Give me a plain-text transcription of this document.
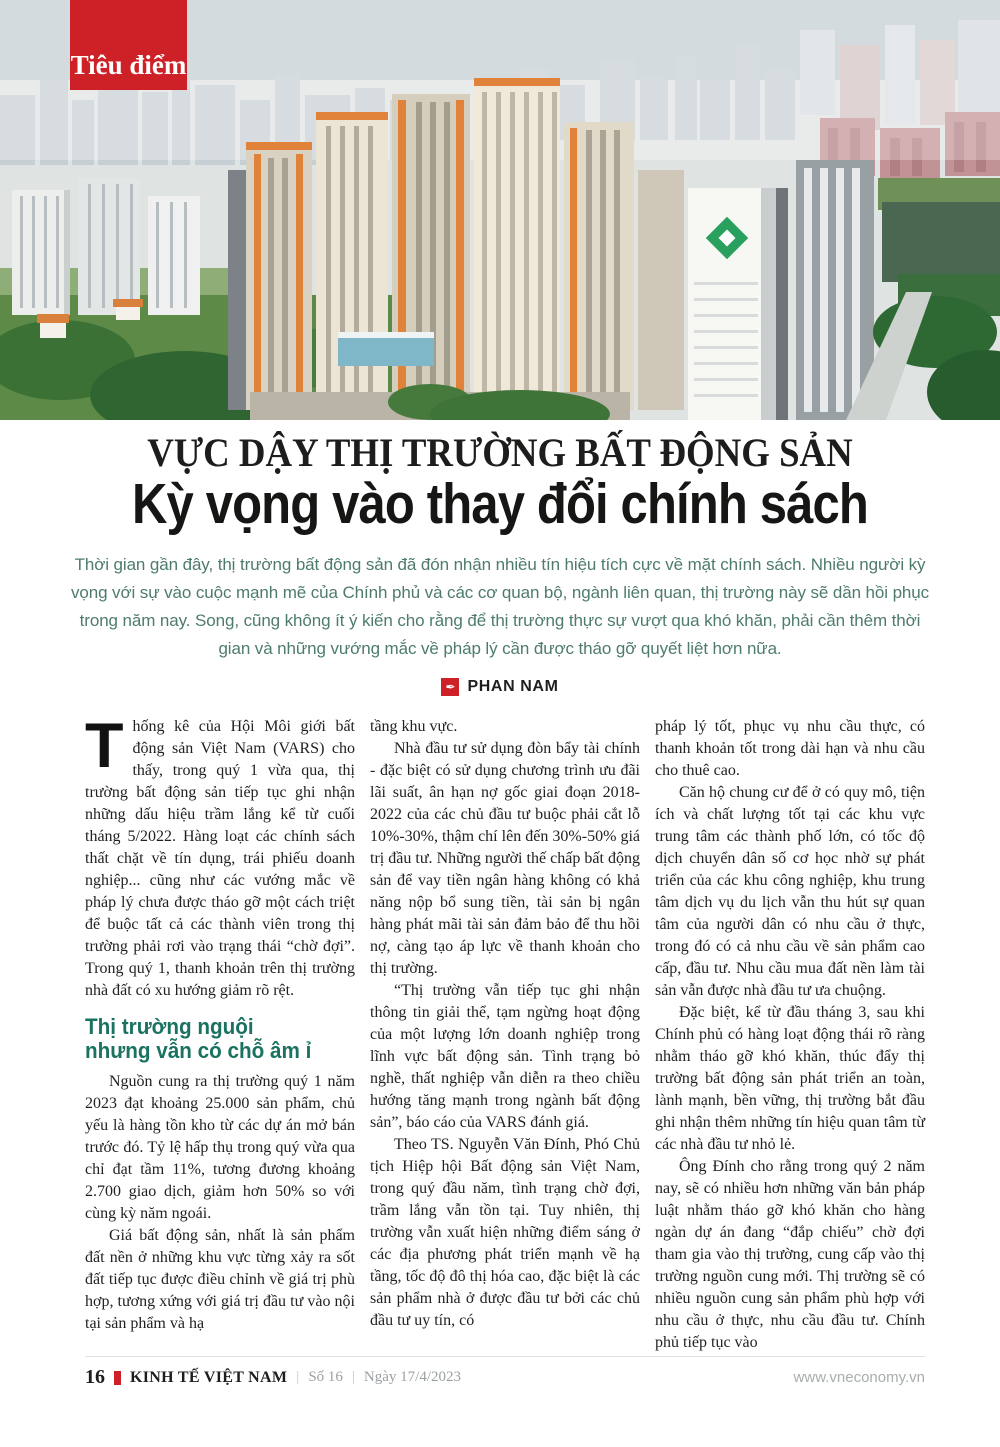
Tiêu điểm
VỰC DẬY THỊ TRƯỜNG BẤT ĐỘNG SẢN
Kỳ vọng vào thay đổi chính sách

Thời gian gần đây, thị trường bất động sản đã đón nhận nhiều tín hiệu tích cực về mặt chính sách. Nhiều người kỳ vọng với sự vào cuộc mạnh mẽ của Chính phủ và các cơ quan bộ, ngành liên quan, thị trường này sẽ dần hồi phục trong năm nay. Song, cũng không ít ý kiến cho rằng để thị trường thực sự vượt qua khó khăn, phải cần thêm thời gian và những vướng mắc về pháp lý cần được tháo gỡ quyết liệt hơn nữa.

✒ PHAN NAM

Thống kê của Hội Môi giới bất động sản Việt Nam (VARS) cho thấy, trong quý 1 vừa qua, thị trường bất động sản tiếp tục ghi nhận những dấu hiệu trầm lắng kể từ cuối tháng 5/2022. Hàng loạt các chính sách thất chặt về tín dụng, trái phiếu doanh nghiệp... cũng như các vướng mắc về pháp lý chưa được tháo gỡ một cách triệt để buộc tất cả các thành viên trong thị trường phải rơi vào trạng thái “chờ đợi”. Trong quý 1, thanh khoản trên thị trường nhà đất có xu hướng giảm rõ rệt.

Thị trường nguội
nhưng vẫn có chỗ âm ỉ

Nguồn cung ra thị trường quý 1 năm 2023 đạt khoảng 25.000 sản phẩm, chủ yếu là hàng tồn kho từ các dự án mở bán trước đó. Tỷ lệ hấp thụ trong quý vừa qua chỉ đạt tầm 11%, tương đương khoảng 2.700 giao dịch, giảm hơn 50% so với cùng kỳ năm ngoái.

Giá bất động sản, nhất là sản phẩm đất nền ở những khu vực từng xảy ra sốt đất tiếp tục được điều chỉnh về giá trị phù hợp, tương xứng với giá trị đầu tư vào nội tại sản phẩm và hạ

tầng khu vực.

Nhà đầu tư sử dụng đòn bẩy tài chính - đặc biệt có sử dụng chương trình ưu đãi lãi suất, ân hạn nợ gốc giai đoạn 2018-2022 của các chủ đầu tư buộc phải cắt lỗ 10%-30%, thậm chí lên đến 30%-50% giá trị đầu tư. Những người thế chấp bất động sản để vay tiền ngân hàng không có khả năng nộp bổ sung tiền, tài sản bị ngân hàng phát mãi tài sản đảm bảo để thu hồi nợ, càng tạo áp lực về thanh khoản cho thị trường.

“Thị trường vẫn tiếp tục ghi nhận thông tin giải thể, tạm ngừng hoạt động của một lượng lớn doanh nghiệp trong lĩnh vực bất động sản. Tình trạng bỏ nghề, thất nghiệp vẫn diễn ra theo chiều hướng tăng mạnh trong ngành bất động sản”, báo cáo của VARS đánh giá.

Theo TS. Nguyễn Văn Đính, Phó Chủ tịch Hiệp hội Bất động sản Việt Nam, trong quý đầu năm, tình trạng chờ đợi, trầm lắng vẫn tồn tại. Tuy nhiên, thị trường vẫn xuất hiện những điểm sáng ở các địa phương phát triển mạnh về hạ tầng, tốc độ đô thị hóa cao, đặc biệt là các sản phẩm nhà ở được đầu tư bởi các chủ đầu tư uy tín, có

pháp lý tốt, phục vụ nhu cầu thực, có thanh khoản tốt trong dài hạn và nhu cầu cho thuê cao.

Căn hộ chung cư để ở có quy mô, tiện ích và chất lượng tốt tại các khu vực trung tâm các thành phố lớn, có tốc độ dịch chuyển dân số cơ học nhờ sự phát triển của các khu công nghiệp, khu trung tâm dịch vụ du lịch vẫn thu hút sự quan tâm của người dân có nhu cầu ở thực, trong đó có cả nhu cầu về sản phẩm cao cấp, đầu tư. Nhu cầu mua đất nền làm tài sản vẫn được nhà đầu tư ưa chuộng.

Đặc biệt, kể từ đầu tháng 3, sau khi Chính phủ có hàng loạt động thái rõ ràng nhằm tháo gỡ khó khăn, thúc đẩy thị trường bất động sản phát triển an toàn, lành mạnh, bền vững, thị trường bắt đầu ghi nhận thêm những tín hiệu quan tâm từ các nhà đầu tư nhỏ lẻ.

Ông Đính cho rằng trong quý 2 năm nay, sẽ có nhiều hơn những văn bản pháp luật nhằm tháo gỡ khó khăn cho hàng ngàn dự án đang “đắp chiếu” chờ đợi tham gia vào thị trường, cung cấp vào thị trường nguồn cung mới. Thị trường sẽ có nhiều nguồn cung sản phẩm phù hợp với nhu cầu ở thực, nhu cầu đầu tư. Chính phủ tiếp tục vào

16 KINH TẾ VIỆT NAM | Số 16 | Ngày 17/4/2023	www.vneconomy.vn
